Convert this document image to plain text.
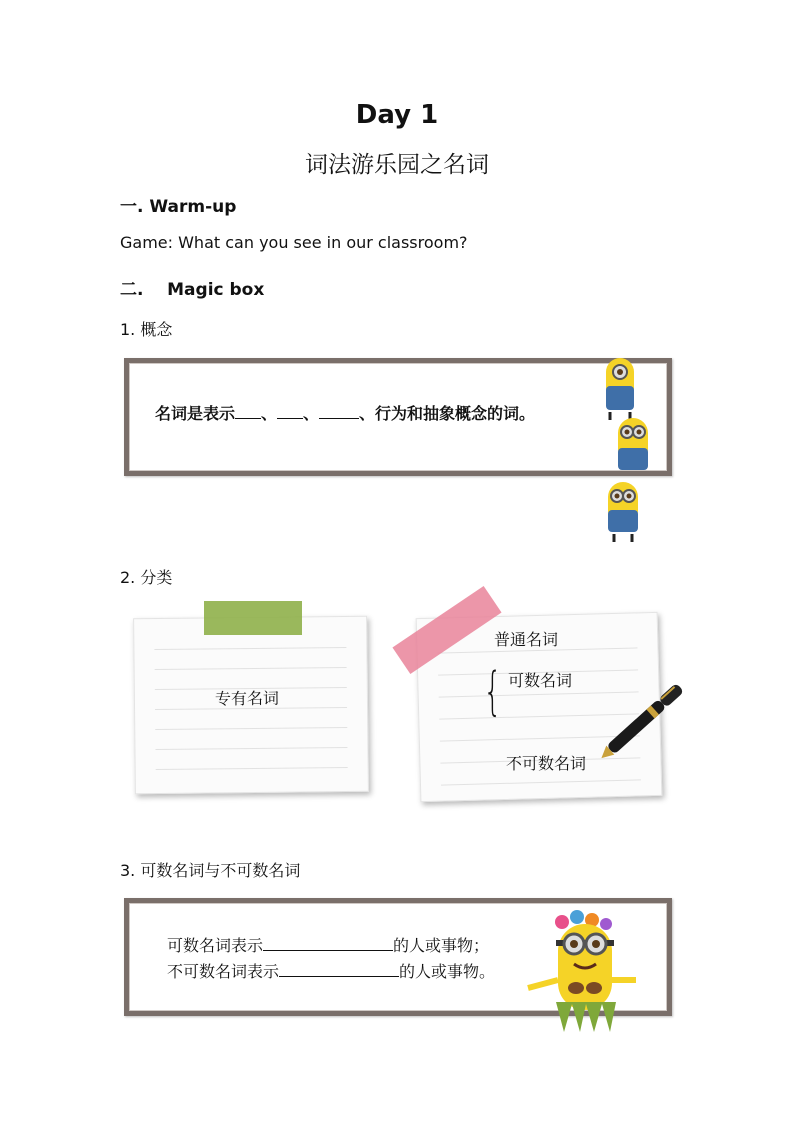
Day 1
词法游乐园之名词
一. Warm-up
Game: What can you see in our classroom?
二.    Magic box
1. 概念
名词是表示 、 、	、行为和抽象概念的词。
2. 分类
专有名词
普通名词
{ 可数名词
不可数名词
3. 可数名词与不可数名词
可数名词表示	的人或事物；
不可数名词表示	的人或事物。
